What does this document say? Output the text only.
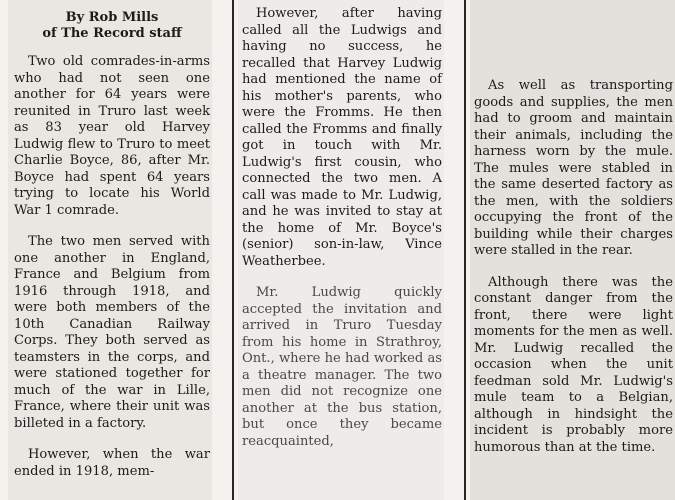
By Rob Mills
of The Record staff

Two old comrades-in-arms who had not seen one another for 64 years were reunited in Truro last week as 83 year old Harvey Ludwig flew to Truro to meet Charlie Boyce, 86, after Mr. Boyce had spent 64 years trying to locate his World War 1 comrade.

The two men served with one another in England, France and Belgium from 1916 through 1918, and were both members of the 10th Canadian Railway Corps. They both served as teamsters in the corps, and were stationed together for much of the war in Lille, France, where their unit was billeted in a factory.

However, when the war ended in 1918, mem-

However, after having called all the Ludwigs and having no success, he recalled that Harvey Ludwig had mentioned the name of his mother's parents, who were the Fromms. He then called the Fromms and finally got in touch with Mr. Ludwig's first cousin, who connected the two men. A call was made to Mr. Ludwig, and he was invited to stay at the home of Mr. Boyce's (senior) son-in-law, Vince Weatherbee.

Mr. Ludwig quickly accepted the invitation and arrived in Truro Tuesday from his home in Strathroy, Ont., where he had worked as a theatre manager. The two men did not recognize one another at the bus station, but once they became reacquainted,

As well as transporting goods and supplies, the men had to groom and maintain their animals, including the harness worn by the mule. The mules were stabled in the same deserted factory as the men, with the soldiers occupying the front of the building while their charges were stalled in the rear.

Although there was the constant danger from the front, there were light moments for the men as well. Mr. Ludwig recalled the occasion when the unit feedman sold Mr. Ludwig's mule team to a Belgian, although in hindsight the incident is probably more humorous than at the time.
